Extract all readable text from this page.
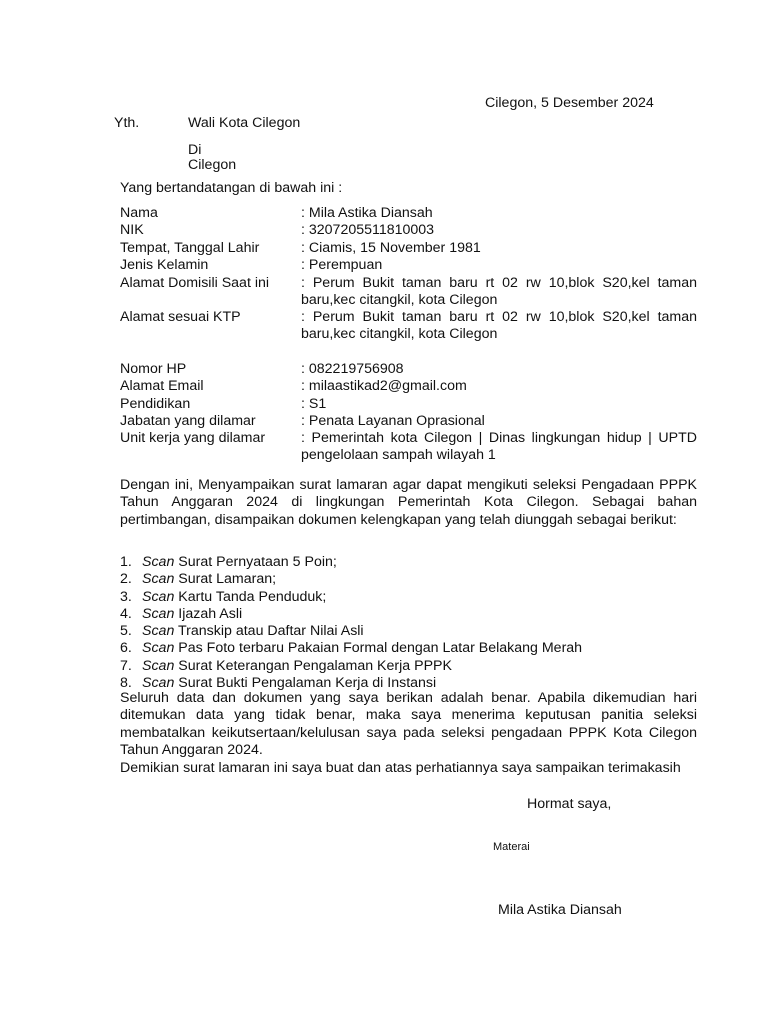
Cilegon, 5 Desember 2024
Yth.	Wali Kota Cilegon
Di
Cilegon
Yang bertandatangan di bawah ini :
Nama	: Mila Astika Diansah
NIK	: 3207205511810003
Tempat, Tanggal Lahir	: Ciamis, 15 November 1981
Jenis Kelamin	: Perempuan
Alamat Domisili Saat ini : Perum Bukit taman baru rt 02 rw 10,blok S20,kel taman baru,kec citangkil, kota Cilegon
Alamat sesuai KTP	: Perum Bukit taman baru rt 02 rw 10,blok S20,kel taman baru,kec citangkil, kota Cilegon
Nomor HP	: 082219756908
Alamat Email	: milaastikad2@gmail.com
Pendidikan	: S1
Jabatan yang dilamar	: Penata Layanan Oprasional
Unit kerja yang dilamar	: Pemerintah kota Cilegon | Dinas lingkungan hidup | UPTD pengelolaan sampah wilayah 1
Dengan ini, Menyampaikan surat lamaran agar dapat mengikuti seleksi Pengadaan PPPK Tahun Anggaran 2024 di lingkungan Pemerintah Kota Cilegon. Sebagai bahan pertimbangan, disampaikan dokumen kelengkapan yang telah diunggah sebagai berikut:
1. Scan Surat Pernyataan 5 Poin;
2. Scan Surat Lamaran;
3. Scan Kartu Tanda Penduduk;
4. Scan Ijazah Asli
5. Scan Transkip atau Daftar Nilai Asli
6. Scan Pas Foto terbaru Pakaian Formal dengan Latar Belakang Merah
7. Scan Surat Keterangan Pengalaman Kerja PPPK
8. Scan Surat Bukti Pengalaman Kerja di Instansi
Seluruh data dan dokumen yang saya berikan adalah benar. Apabila dikemudian hari ditemukan data yang tidak benar, maka saya menerima keputusan panitia seleksi membatalkan keikutsertaan/kelulusan saya pada seleksi pengadaan PPPK Kota Cilegon Tahun Anggaran 2024.
Demikian surat lamaran ini saya buat dan atas perhatiannya saya sampaikan terimakasih
Hormat saya,
Materai
Mila Astika Diansah
